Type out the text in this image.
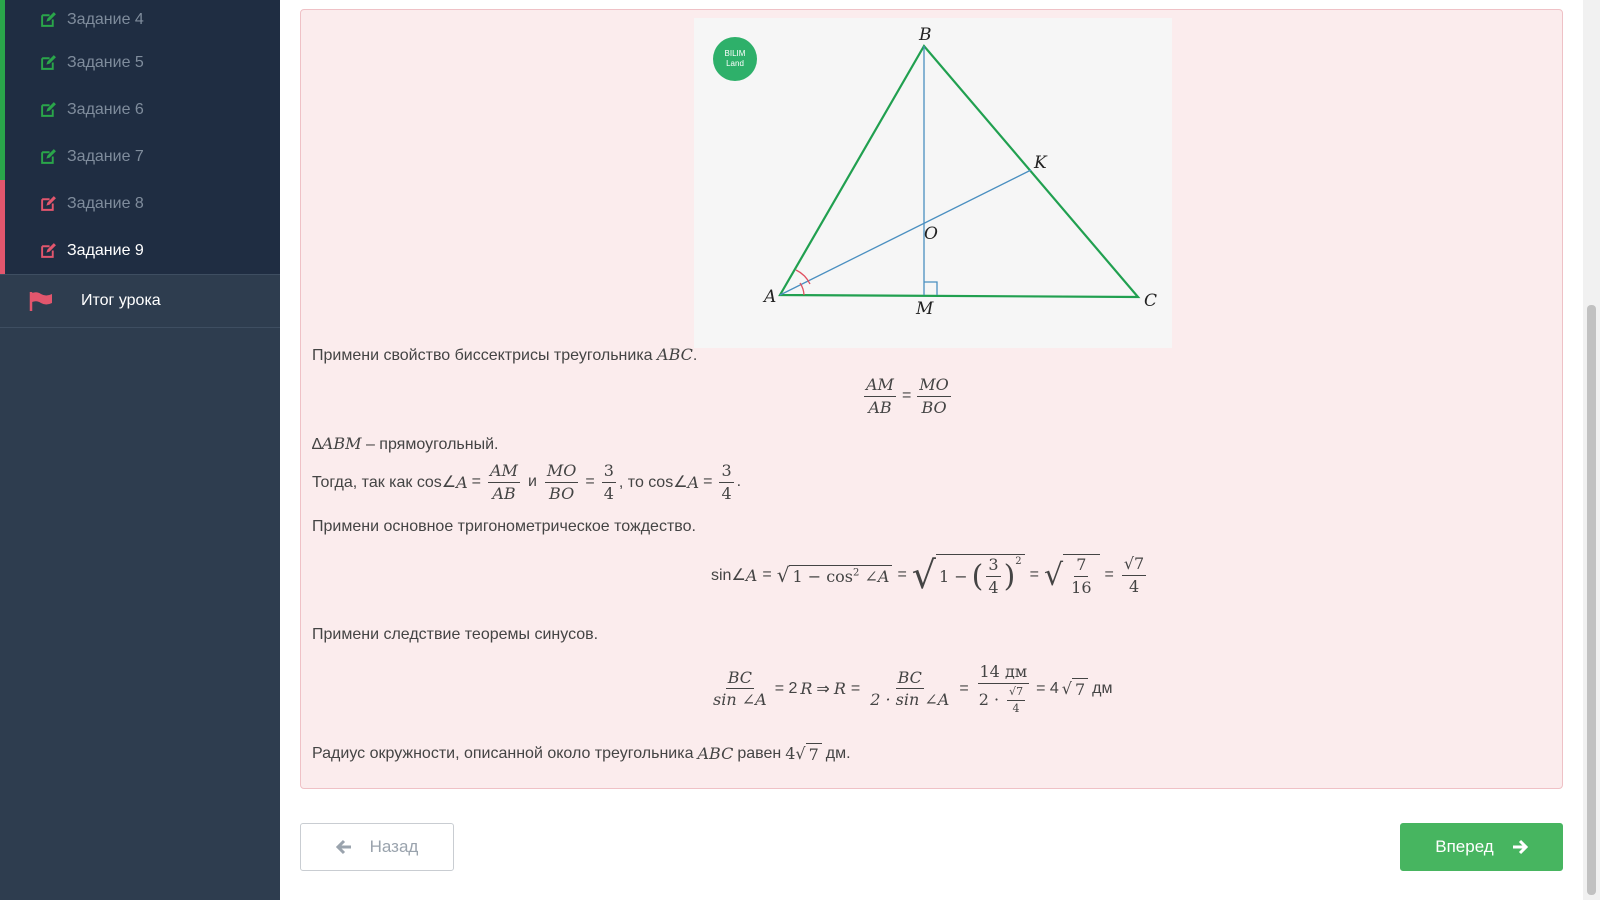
Задание 4
Задание 5
Задание 6
Задание 7
Задание 8
Задание 9
Итог урока
BILIM
Land
B
A	C
K
O
M
Примени свойство биссектрисы треугольника ABC.
$\frac{AM}{AB} = \frac{MO}{BO}$
∆ABM – прямоугольный.
Тогда, так как cos∠ $A = \frac{AM}{AB}$ и $\frac{MO}{BO} = \frac{3}{4}$ , то cos∠ $A = \frac{3}{4}$ .
Примени основное тригонометрическое тождество.
sin∠ A = √ $1 - \cos^2$ ∠A = √ 1 − ( $\frac{3}{4} )^2$
= √ $\frac{7}{16} = \frac{√7}{4}$
Примени следствие теоремы синусов.
$\frac{BC}{\sin \angle A} = 2$ R ⇒ $R = \frac{BC}{2 \cdot \sin \angle A} = \frac{14 дм}{2 \cdot \frac{√7}{4}} = 4$ √ 7 дм
Радиус окружности, описанной около треугольника ABC равен 4 √ 7 дм.
Назад	Вперед
